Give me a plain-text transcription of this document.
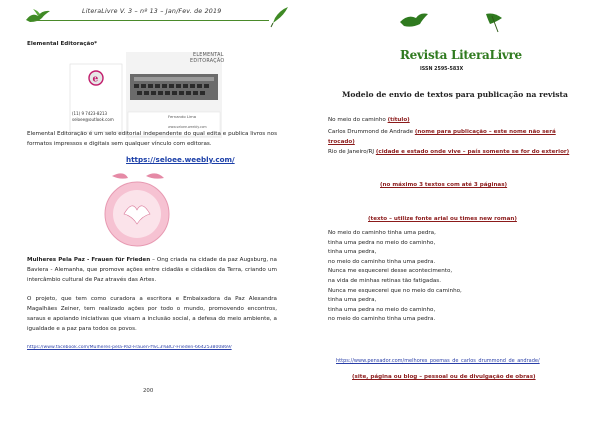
LiteraLivre V. 3 – nº 13 – Jan/Fev. de 2019
Elemental Editoração*
e
ELEMENTAL
EDITORAÇÃO
(11) 9 7423-8213
seloee@outlook.com
Fernando Lima
www.seloee.weebly.com
Elemental Editoração é um selo editorial independente do qual edita e publica livros nos formatos impressos e digitais sem qualquer vínculo com editoras.
https://seloee.weebly.com/
Mulheres Pela Paz - Frauen für Frieden – Ong criada na cidade da paz Augsburg, na Baviera - Alemanha, que promove ações entre cidadãs e cidadãos da Terra, criando um intercâmbio cultural de Paz através das Artes.
O projeto, que tem como curadora a escritora e Embaixadora da Paz Alexandra Magalhães Zeiner, tem realizado ações por todo o mundo, promovendo encontros, saraus e apoiando iniciativas que visam a inclusão social, a defesa do meio ambiente, a igualdade e a paz para todos os povos.
https://www.facebook.com/Mulheres-pela-Paz-Frauen-f%C3%BCr-Frieden-664253800869/
200
Revista LiteraLivre
ISSN 2595-583X
Modelo de envio de textos para publicação na revista
No meio do caminho (título)
Carlos Drummond de Andrade (nome para publicação – este nome não será trocado)
Rio de Janeiro/RJ (cidade e estado onde vive – país somente se for do exterior)
(no máximo 3 textos com até 3 páginas)
(texto – utilize fonte arial ou times new roman)
No meio do caminho tinha uma pedra,
tinha uma pedra no meio do caminho,
tinha uma pedra,
no meio do caminho tinha uma pedra.
Nunca me esquecerei desse acontecimento,
na vida de minhas retinas tão fatigadas.
Nunca me esquecerei que no meio do caminho,
tinha uma pedra,
tinha uma pedra no meio do caminho,
no meio do caminho tinha uma pedra.
https://www.pensador.com/melhores_poemas_de_carlos_drummond_de_andrade/
(site, página ou blog – pessoal ou de divulgação de obras)
